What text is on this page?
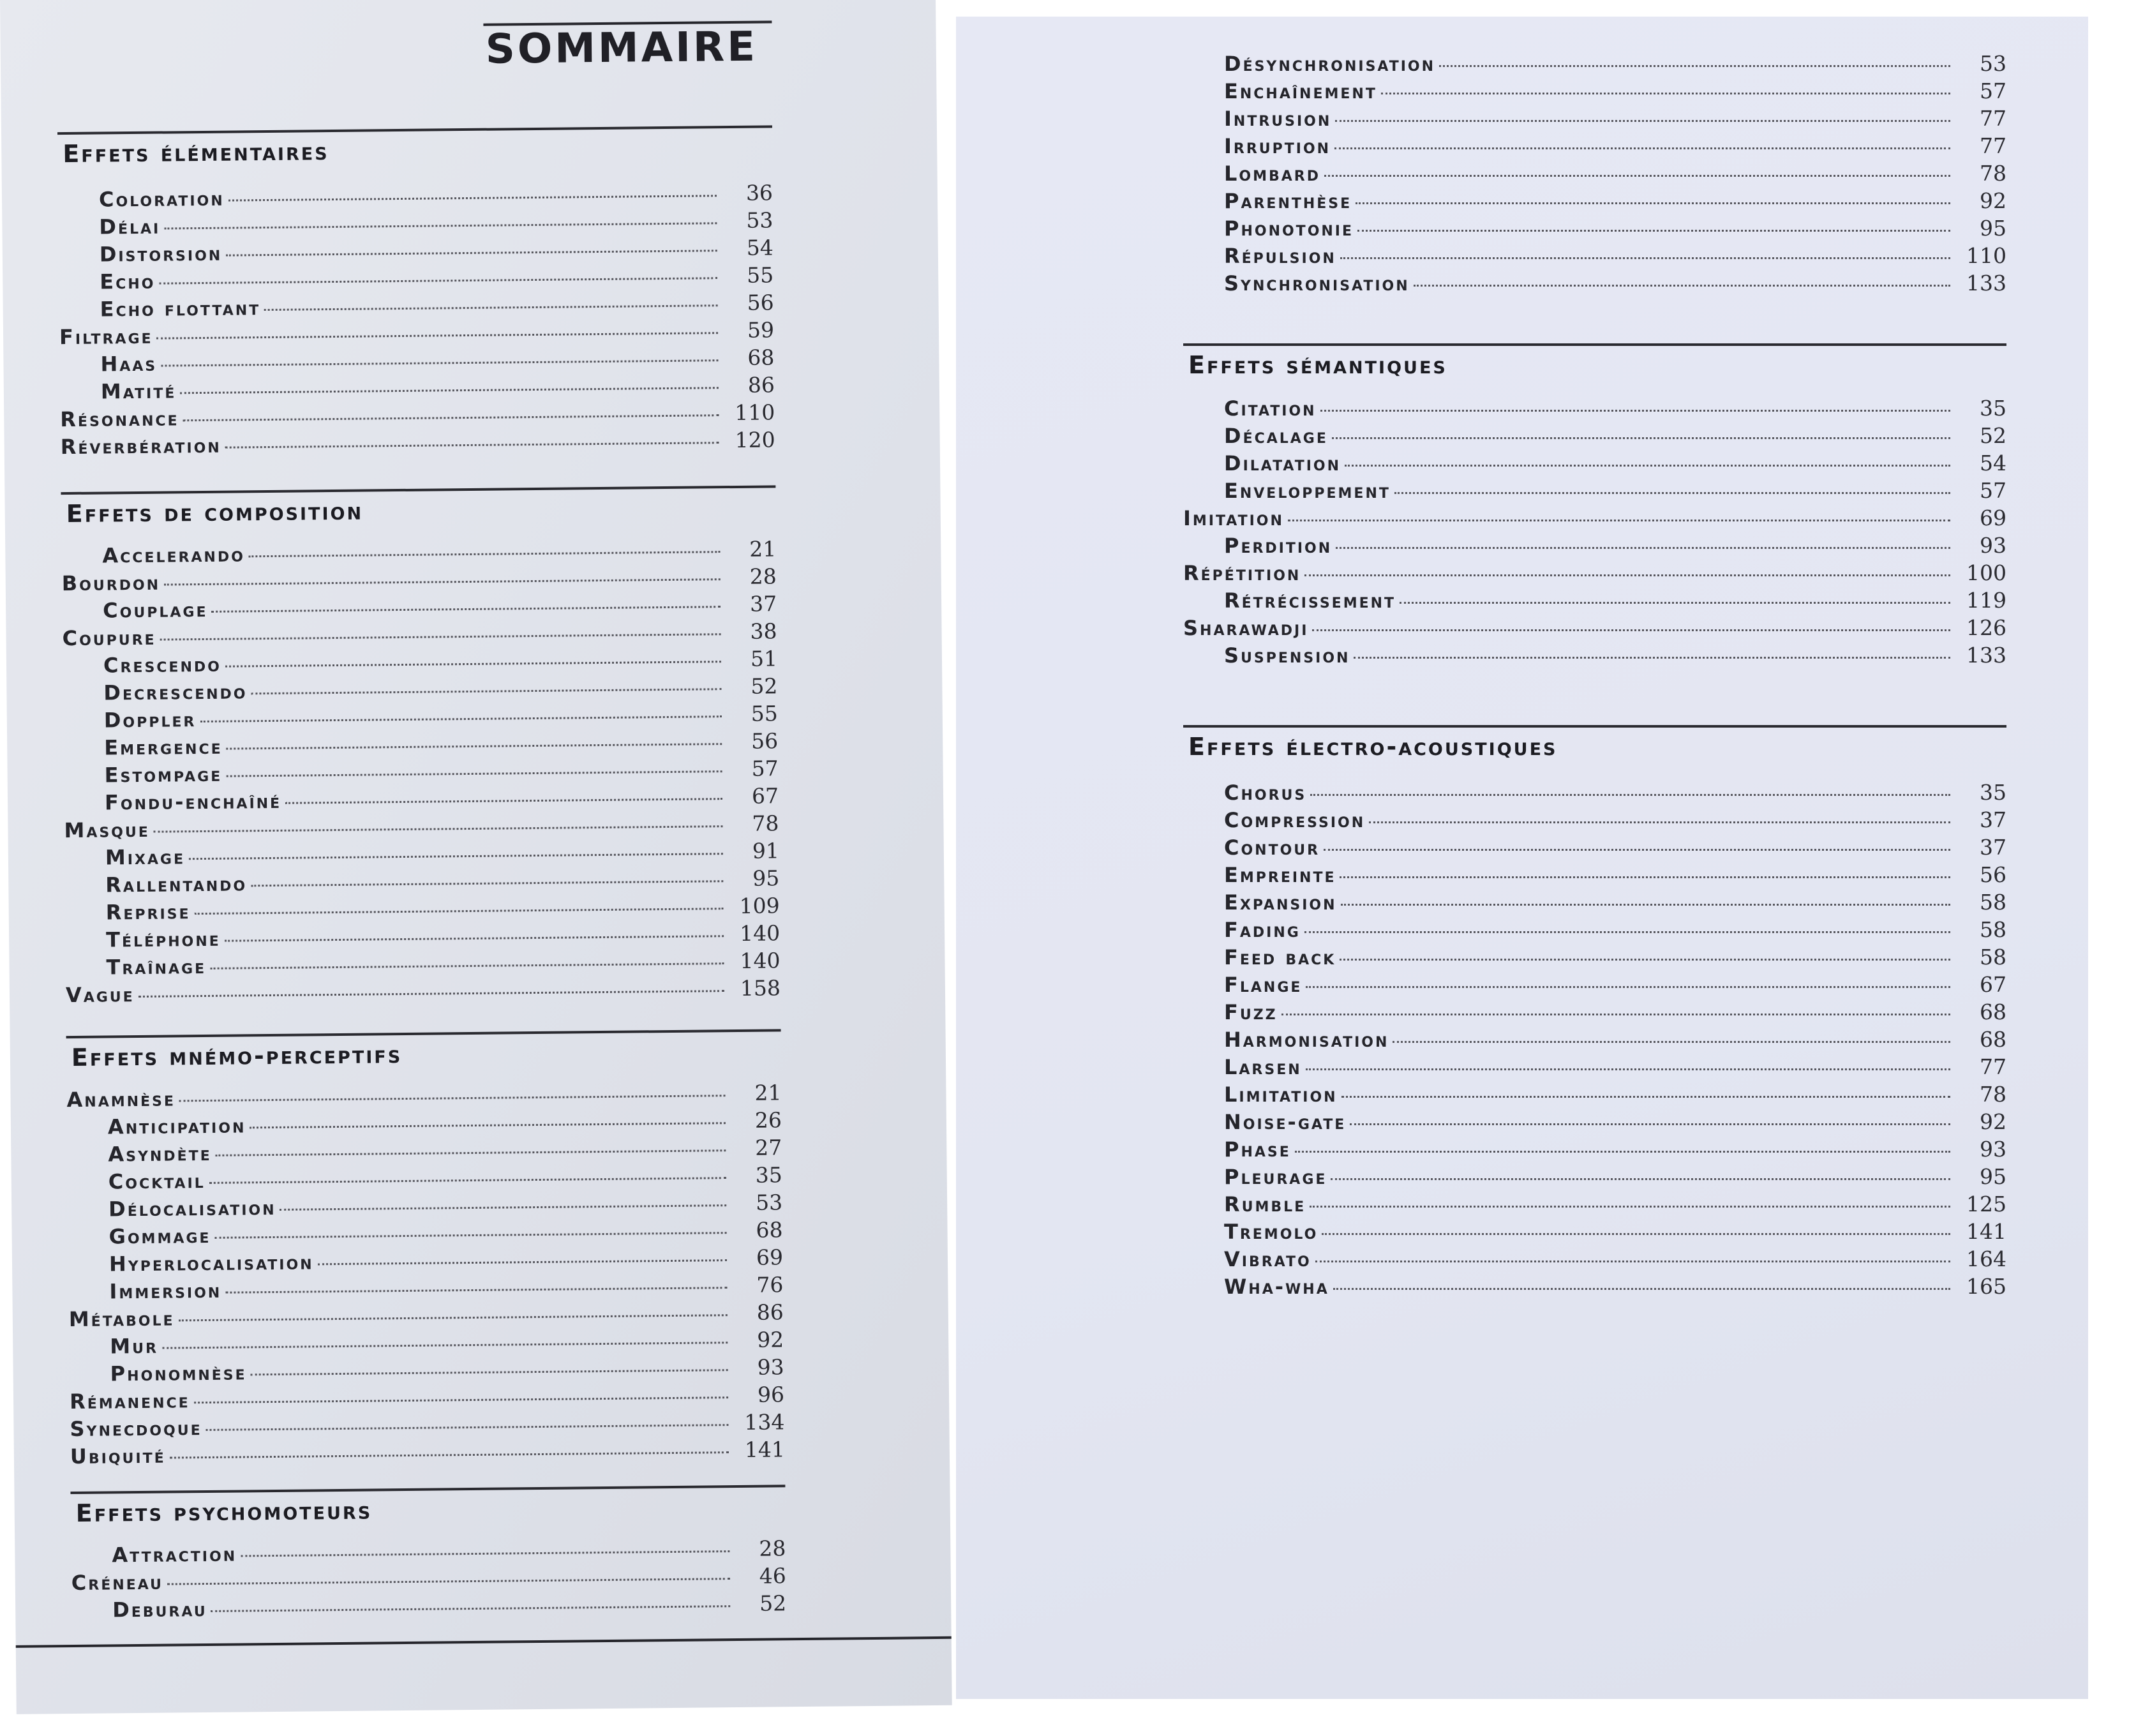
SOMMAIRE
Effets élémentaires
Coloration	36
Délai	53
Distorsion	54
Echo	55
Echo flottant	56
Filtrage	59
Haas	68
Matité	86
Résonance	110
Réverbération	120
Effets de composition
Accelerando	21
Bourdon	28
Couplage	37
Coupure	38
Crescendo	51
Decrescendo	52
Doppler	55
Emergence	56
Estompage	57
Fondu-enchaîné	67
Masque	78
Mixage	91
Rallentando	95
Reprise	109
Téléphone	140
Traînage	140
Vague	158
Effets mnémo-perceptifs
Anamnèse	21
Anticipation	26
Asyndète	27
Cocktail	35
Délocalisation	53
Gommage	68
Hyperlocalisation	69
Immersion	76
Métabole	86
Mur	92
Phonomnèse	93
Rémanence	96
Synecdoque	134
Ubiquité	141
Effets psychomoteurs
Attraction	28
Créneau	46
Deburau	52
Désynchronisation	53
Enchaînement	57
Intrusion	77
Irruption	77
Lombard	78
Parenthèse	92
Phonotonie	95
Répulsion	110
Synchronisation	133
Effets sémantiques
Citation	35
Décalage	52
Dilatation	54
Enveloppement	57
Imitation	69
Perdition	93
Répétition	100
Rétrécissement	119
Sharawadji	126
Suspension	133
Effets électro-acoustiques
Chorus	35
Compression	37
Contour	37
Empreinte	56
Expansion	58
Fading	58
Feed back	58
Flange	67
Fuzz	68
Harmonisation	68
Larsen	77
Limitation	78
Noise-gate	92
Phase	93
Pleurage	95
Rumble	125
Tremolo	141
Vibrato	164
Wha-wha	165
